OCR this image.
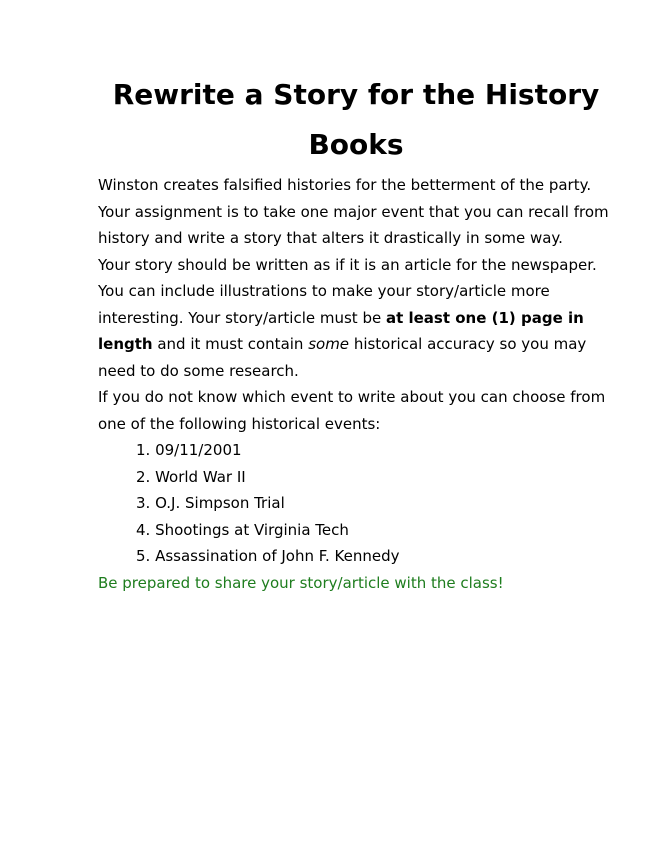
Rewrite a Story for the History
Books
Winston creates falsified histories for the betterment of the party.
Your assignment is to take one major event that you can recall from
history and write a story that alters it drastically in some way.
Your story should be written as if it is an article for the newspaper.
You can include illustrations to make your story/article more
interesting. Your story/article must be at least one (1) page in
length and it must contain some historical accuracy so you may
need to do some research.
If you do not know which event to write about you can choose from
one of the following historical events:
1. 09/11/2001
2. World War II
3. O.J. Simpson Trial
4. Shootings at Virginia Tech
5. Assassination of John F. Kennedy
Be prepared to share your story/article with the class!
